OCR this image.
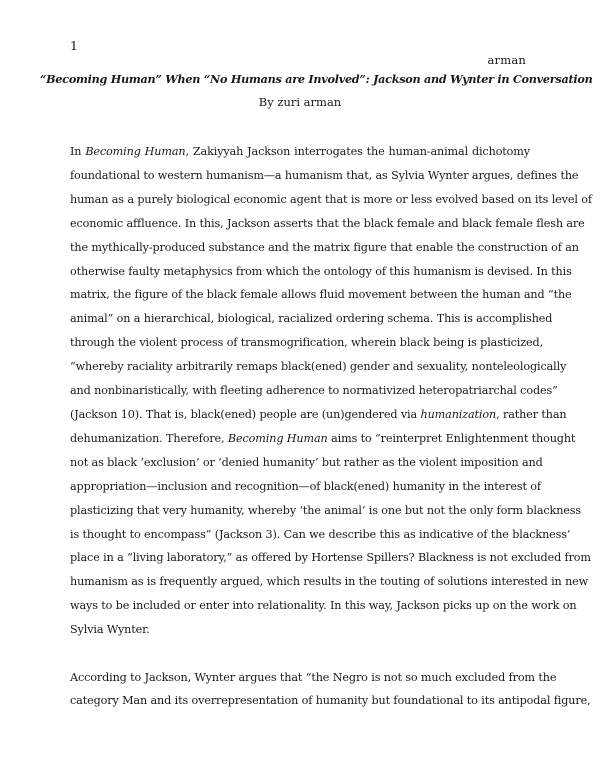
1
arman
“Becoming Human” When “No Humans are Involved”: Jackson and Wynter in Conversation
By zuri arman
In Becoming Human, Zakiyyah Jackson interrogates the human-animal dichotomy
foundational to western humanism—a humanism that, as Sylvia Wynter argues, defines the
human as a purely biological economic agent that is more or less evolved based on its level of
economic affluence. In this, Jackson asserts that the black female and black female flesh are
the mythically-produced substance and the matrix figure that enable the construction of an
otherwise faulty metaphysics from which the ontology of this humanism is devised. In this
matrix, the figure of the black female allows fluid movement between the human and “the
animal” on a hierarchical, biological, racialized ordering schema. This is accomplished
through the violent process of transmogrification, wherein black being is plasticized,
“whereby raciality arbitrarily remaps black(ened) gender and sexuality, nonteleologically
and nonbinaristically, with fleeting adherence to normativized heteropatriarchal codes”
(Jackson 10). That is, black(ened) people are (un)gendered via humanization, rather than
dehumanization. Therefore, Becoming Human aims to “reinterpret Enlightenment thought
not as black ‘exclusion’ or ‘denied humanity’ but rather as the violent imposition and
appropriation—inclusion and recognition—of black(ened) humanity in the interest of
plasticizing that very humanity, whereby ‘the animal’ is one but not the only form blackness
is thought to encompass” (Jackson 3). Can we describe this as indicative of the blackness’
place in a “living laboratory,” as offered by Hortense Spillers? Blackness is not excluded from
humanism as is frequently argued, which results in the touting of solutions interested in new
ways to be included or enter into relationality. In this way, Jackson picks up on the work on
Sylvia Wynter.
According to Jackson, Wynter argues that “the Negro is not so much excluded from the
category Man and its overrepresentation of humanity but foundational to its antipodal figure,
